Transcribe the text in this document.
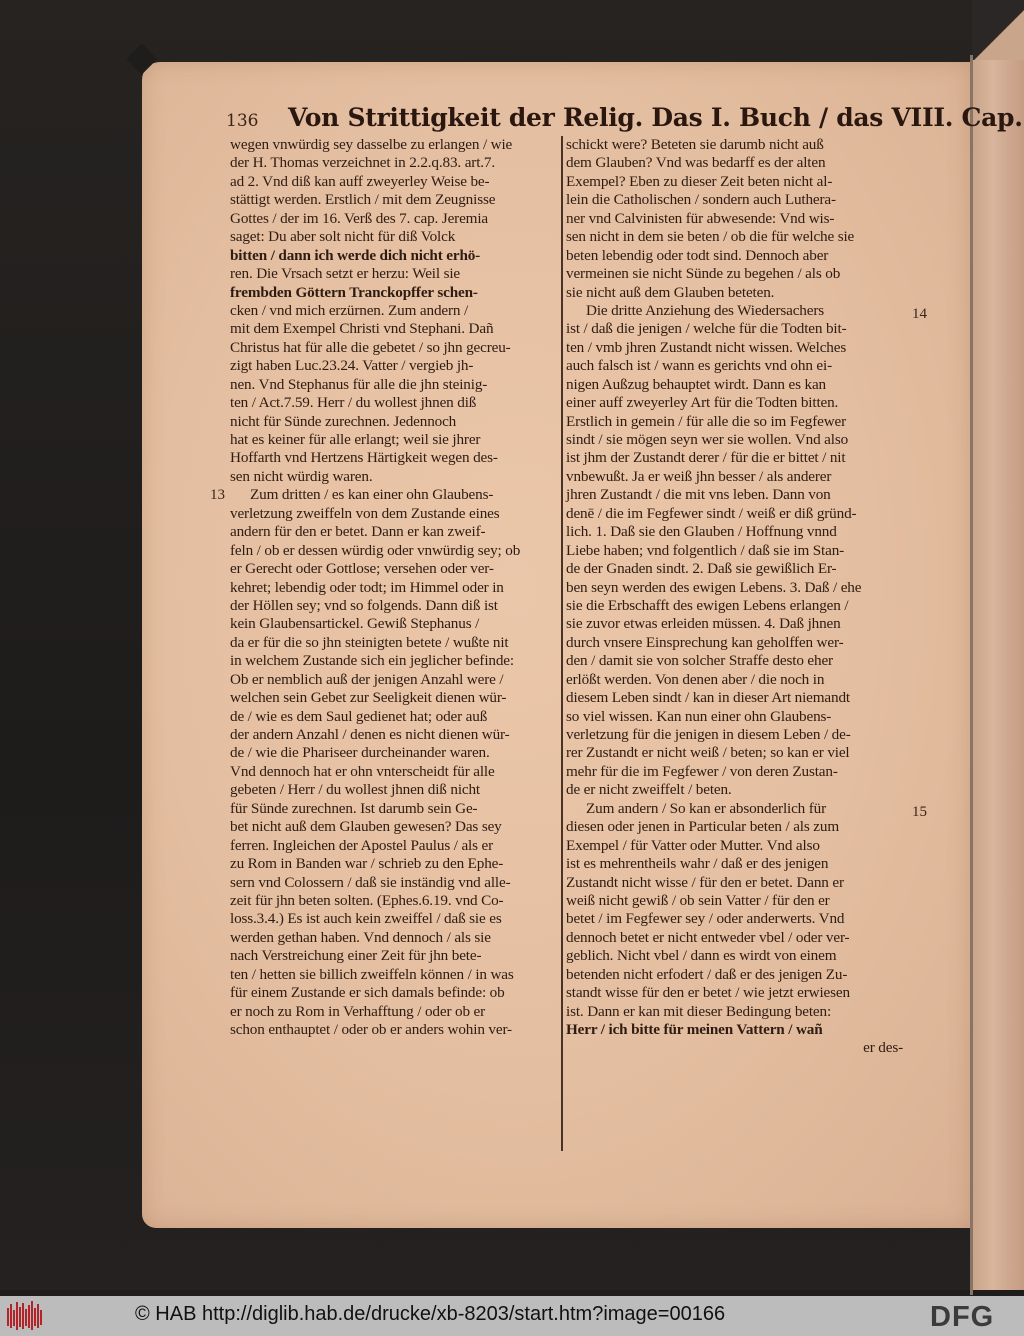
136 Von Strittigkeit der Relig. Das I. Buch / das VIII. Cap.
wegen vnwürdig sey dasselbe zu erlangen / wie
der H. Thomas verzeichnet in 2.2.q.83. art.7.
ad 2. Vnd diß kan auff zweyerley Weise be-
stättigt werden. Erstlich / mit dem Zeugnisse
Gottes / der im 16. Verß des 7. cap. Jeremia
saget: Du aber solt nicht für diß Volck
bitten / dann ich werde dich nicht erhö-
ren. Die Vrsach setzt er herzu: Weil sie
frembden Göttern Tranckopffer schen-
cken / vnd mich erzürnen. Zum andern /
mit dem Exempel Christi vnd Stephani. Dañ
Christus hat für alle die gebetet / so jhn gecreu-
zigt haben Luc.23.24. Vatter / vergieb jh-
nen. Vnd Stephanus für alle die jhn steinig-
ten / Act.7.59. Herr / du wollest jhnen diß
nicht für Sünde zurechnen. Jedennoch
hat es keiner für alle erlangt; weil sie jhrer
Hoffarth vnd Hertzens Härtigkeit wegen des-
sen nicht würdig waren.
Zum dritten / es kan einer ohn Glaubens-
verletzung zweiffeln von dem Zustande eines
andern für den er betet. Dann er kan zweif-
feln / ob er dessen würdig oder vnwürdig sey; ob
er Gerecht oder Gottlose; versehen oder ver-
kehret; lebendig oder todt; im Himmel oder in
der Höllen sey; vnd so folgends. Dann diß ist
kein Glaubensartickel. Gewiß Stephanus /
da er für die so jhn steinigten betete / wußte nit
in welchem Zustande sich ein jeglicher befinde:
Ob er nemblich auß der jenigen Anzahl were /
welchen sein Gebet zur Seeligkeit dienen wür-
de / wie es dem Saul gedienet hat; oder auß
der andern Anzahl / denen es nicht dienen wür-
de / wie die Phariseer durcheinander waren.
Vnd dennoch hat er ohn vnterscheidt für alle
gebeten / Herr / du wollest jhnen diß nicht
für Sünde zurechnen. Ist darumb sein Ge-
bet nicht auß dem Glauben gewesen? Das sey
ferren. Ingleichen der Apostel Paulus / als er
zu Rom in Banden war / schrieb zu den Ephe-
sern vnd Colossern / daß sie inständig vnd alle-
zeit für jhn beten solten. (Ephes.6.19. vnd Co-
loss.3.4.) Es ist auch kein zweiffel / daß sie es
werden gethan haben. Vnd dennoch / als sie
nach Verstreichung einer Zeit für jhn bete-
ten / hetten sie billich zweiffeln können / in was
für einem Zustande er sich damals befinde: ob
er noch zu Rom in Verhafftung / oder ob er
schon enthauptet / oder ob er anders wohin ver-
schickt were? Beteten sie darumb nicht auß
dem Glauben? Vnd was bedarff es der alten
Exempel? Eben zu dieser Zeit beten nicht al-
lein die Catholischen / sondern auch Luthera-
ner vnd Calvinisten für abwesende: Vnd wis-
sen nicht in dem sie beten / ob die für welche sie
beten lebendig oder todt sind. Dennoch aber
vermeinen sie nicht Sünde zu begehen / als ob
sie nicht auß dem Glauben beteten.
Die dritte Anziehung des Wiedersachers
ist / daß die jenigen / welche für die Todten bit-
ten / vmb jhren Zustandt nicht wissen. Welches
auch falsch ist / wann es gerichts vnd ohn ei-
nigen Außzug behauptet wirdt. Dann es kan
einer auff zweyerley Art für die Todten bitten.
Erstlich in gemein / für alle die so im Fegfewer
sindt / sie mögen seyn wer sie wollen. Vnd also
ist jhm der Zustandt derer / für die er bittet / nit
vnbewußt. Ja er weiß jhn besser / als anderer
jhren Zustandt / die mit vns leben. Dann von
denē / die im Fegfewer sindt / weiß er diß gründ-
lich. 1. Daß sie den Glauben / Hoffnung vnnd
Liebe haben; vnd folgentlich / daß sie im Stan-
de der Gnaden sindt. 2. Daß sie gewißlich Er-
ben seyn werden des ewigen Lebens. 3. Daß / ehe
sie die Erbschafft des ewigen Lebens erlangen /
sie zuvor etwas erleiden müssen. 4. Daß jhnen
durch vnsere Einsprechung kan geholffen wer-
den / damit sie von solcher Straffe desto eher
erlößt werden. Von denen aber / die noch in
diesem Leben sindt / kan in dieser Art niemandt
so viel wissen. Kan nun einer ohn Glaubens-
verletzung für die jenigen in diesem Leben / de-
rer Zustandt er nicht weiß / beten; so kan er viel
mehr für die im Fegfewer / von deren Zustan-
de er nicht zweiffelt / beten.
Zum andern / So kan er absonderlich für
diesen oder jenen in Particular beten / als zum
Exempel / für Vatter oder Mutter. Vnd also
ist es mehrentheils wahr / daß er des jenigen
Zustandt nicht wisse / für den er betet. Dann er
weiß nicht gewiß / ob sein Vatter / für den er
betet / im Fegfewer sey / oder anderwerts. Vnd
dennoch betet er nicht entweder vbel / oder ver-
geblich. Nicht vbel / dann es wirdt von einem
betenden nicht erfodert / daß er des jenigen Zu-
standt wisse für den er betet / wie jetzt erwiesen
ist. Dann er kan mit dieser Bedingung beten:
Herr / ich bitte für meinen Vattern / wañ
er des-
13
14
15
© HAB http://diglib.hab.de/drucke/xb-8203/start.htm?image=00166	DFG
